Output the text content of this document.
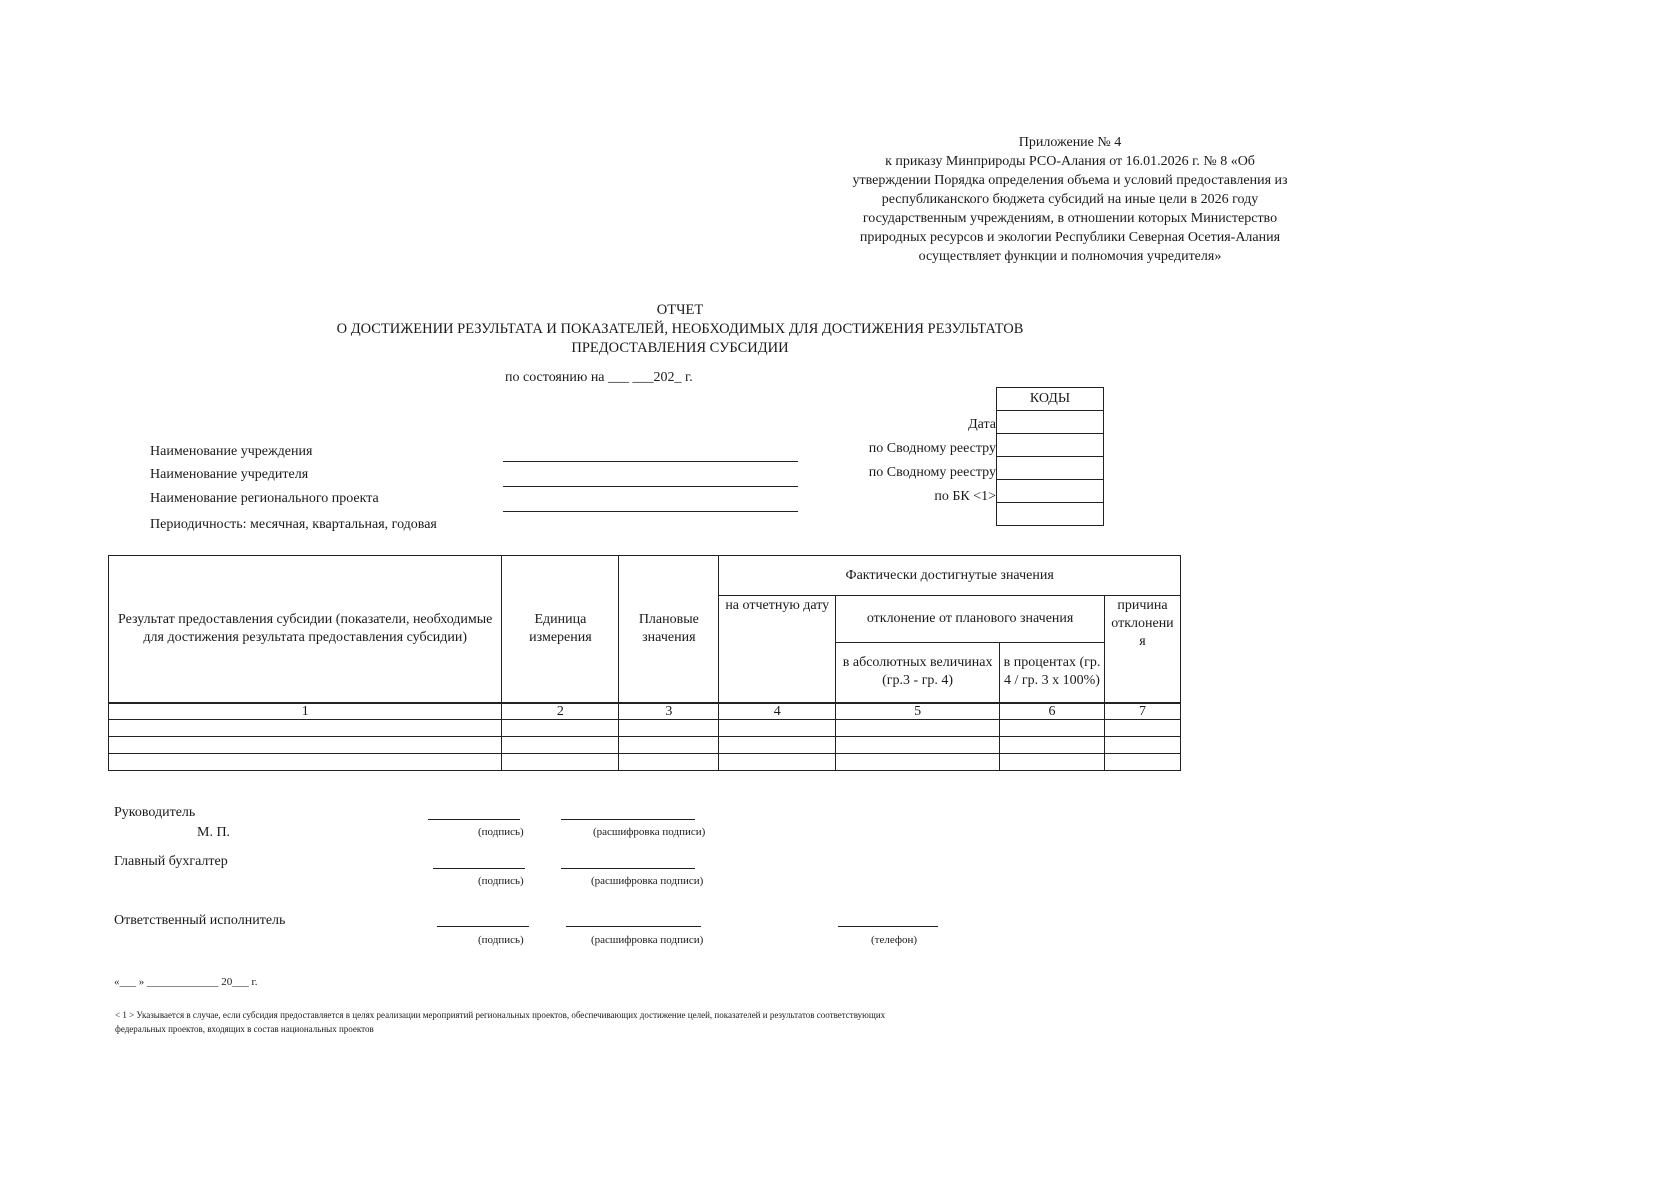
Приложение № 4
к приказу Минприроды РСО-Алания от 16.01.2026 г. № 8 «Об
утверждении Порядка определения объема и условий предоставления из
республиканского бюджета субсидий на иные цели в 2026 году
государственным учреждениям, в отношении которых Министерство
природных ресурсов и экологии Республики Северная Осетия-Алания
осуществляет функции и полномочия учредителя»
ОТЧЕТ
О ДОСТИЖЕНИИ РЕЗУЛЬТАТА И ПОКАЗАТЕЛЕЙ, НЕОБХОДИМЫХ ДЛЯ ДОСТИЖЕНИЯ РЕЗУЛЬТАТОВ
ПРЕДОСТАВЛЕНИЯ СУБСИДИИ
по состоянию на ___ ___202_ г.
Наименование учреждения
Наименование учредителя
Наименование регионального проекта
Периодичность: месячная, квартальная, годовая
Дата
по Сводному реестру
по Сводному реестру
по БК <1>
КОДЫ

Результат предоставления субсидии (показатели, необходимые для достижения результата предоставления субсидии)	Единица измерения	Плановые значения	Фактически достигнутые значения			
			на отчетную дату	отклонение от планового значения		причина отклонени я
				в абсолютных величинах (гр.3 - гр. 4)	в процентах (гр. 4 / гр. 3 х 100%)	
1	2	3	4	5	6	7

Руководитель
М. П.	(подпись)	(расшифровка подписи)
Главный бухгалтер
(подпись)	(расшифровка подписи)
Ответственный исполнитель
(подпись)	(расшифровка подписи)	(телефон)
«___ » _____________ 20___ г.
< 1 > Указывается в случае, если субсидия предоставляется в целях реализации мероприятий региональных проектов, обеспечивающих достижение целей, показателей и результатов соответствующих
федеральных проектов, входящих в состав национальных проектов
